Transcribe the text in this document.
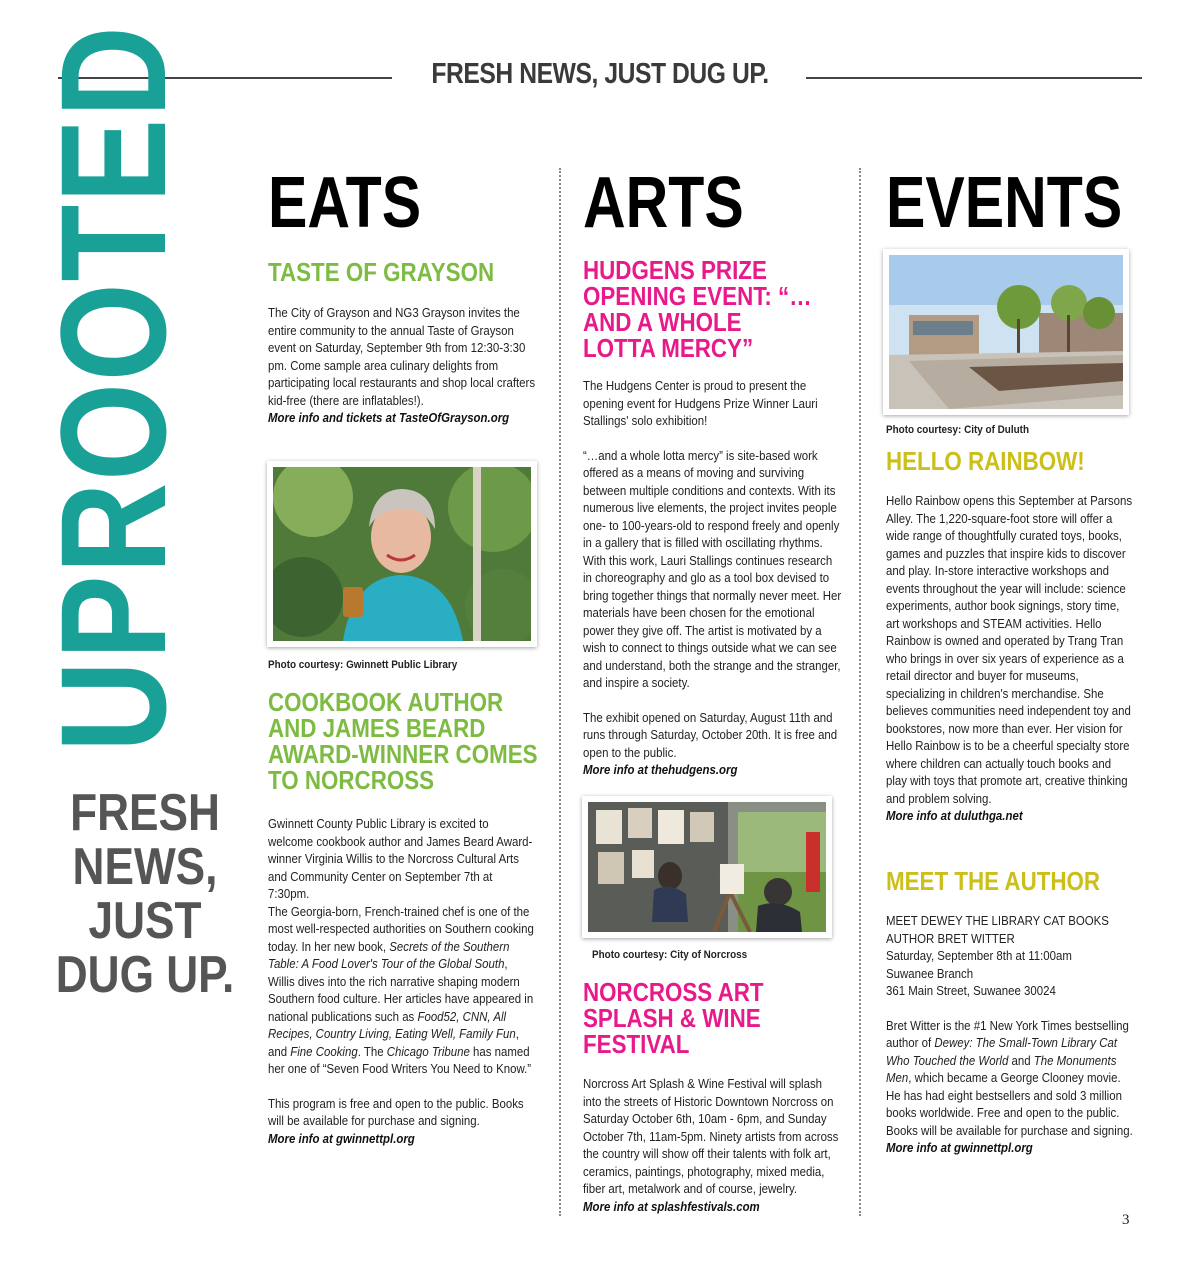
FRESH NEWS, JUST DUG UP.
UPROOTED
FRESH
NEWS,
JUST
DUG UP.
EATS
TASTE OF GRAYSON

The City of Grayson and NG3 Grayson invites the entire community to the annual Taste of Grayson event on Saturday, September 9th from 12:30-3:30 pm. Come sample area culinary delights from participating local restaurants and shop local crafters kid-free (there are inflatables!).

More info and tickets at TasteOfGrayson.org

Photo courtesy: Gwinnett Public Library
COOKBOOK AUTHOR AND JAMES BEARD AWARD-WINNER COMES TO NORCROSS

Gwinnett County Public Library is excited to welcome cookbook author and James Beard Award-winner Virginia Willis to the Norcross Cultural Arts and Community Center on September 7th at 7:30pm.

The Georgia-born, French-trained chef is one of the most well-respected authorities on Southern cooking today. In her new book, Secrets of the Southern Table: A Food Lover's Tour of the Global South, Willis dives into the rich narrative shaping modern Southern food culture. Her articles have appeared in national publications such as Food52, CNN, All Recipes, Country Living, Eating Well, Family Fun, and Fine Cooking. The Chicago Tribune has named her one of “Seven Food Writers You Need to Know.”

This program is free and open to the public. Books will be available for purchase and signing.

More info at gwinnettpl.org

ARTS
HUDGENS PRIZE OPENING EVENT: “… AND A WHOLE LOTTA MERCY”

The Hudgens Center is proud to present the opening event for Hudgens Prize Winner Lauri Stallings' solo exhibition!

“…and a whole lotta mercy” is site-based work offered as a means of moving and surviving between multiple conditions and contexts. With its numerous live elements, the project invites people one- to 100-years-old to respond freely and openly in a gallery that is filled with oscillating rhythms. With this work, Lauri Stallings continues research in choreography and glo as a tool box devised to bring together things that normally never meet. Her materials have been chosen for the emotional power they give off. The artist is motivated by a wish to connect to things outside what we can see and understand, both the strange and the stranger, and inspire a society.

The exhibit opened on Saturday, August 11th and runs through Saturday, October 20th. It is free and open to the public.

More info at thehudgens.org

Photo courtesy: City of Norcross
NORCROSS ART SPLASH & WINE FESTIVAL

Norcross Art Splash & Wine Festival will splash into the streets of Historic Downtown Norcross on Saturday October 6th, 10am - 6pm, and Sunday October 7th, 11am-5pm. Ninety artists from across the country will show off their talents with folk art, ceramics, paintings, photography, mixed media, fiber art, metalwork and of course, jewelry.

More info at splashfestivals.com

EVENTS
Photo courtesy: City of Duluth
HELLO RAINBOW!

Hello Rainbow opens this September at Parsons Alley. The 1,220-square-foot store will offer a wide range of thoughtfully curated toys, books, games and puzzles that inspire kids to discover and play. In-store interactive workshops and events throughout the year will include: science experiments, author book signings, story time, art workshops and STEAM activities. Hello Rainbow is owned and operated by Trang Tran who brings in over six years of experience as a retail director and buyer for museums, specializing in children's merchandise. She believes communities need independent toy and bookstores, now more than ever. Her vision for Hello Rainbow is to be a cheerful specialty store where children can actually touch books and play with toys that promote art, creative thinking and problem solving.

More info at duluthga.net

MEET THE AUTHOR

MEET DEWEY THE LIBRARY CAT BOOKS AUTHOR BRET WITTER

Saturday, September 8th at 11:00am

Suwanee Branch

361 Main Street, Suwanee 30024

Bret Witter is the #1 New York Times bestselling author of Dewey: The Small-Town Library Cat Who Touched the World and The Monuments Men, which became a George Clooney movie. He has had eight bestsellers and sold 3 million books worldwide. Free and open to the public. Books will be available for purchase and signing.

More info at gwinnettpl.org

3
